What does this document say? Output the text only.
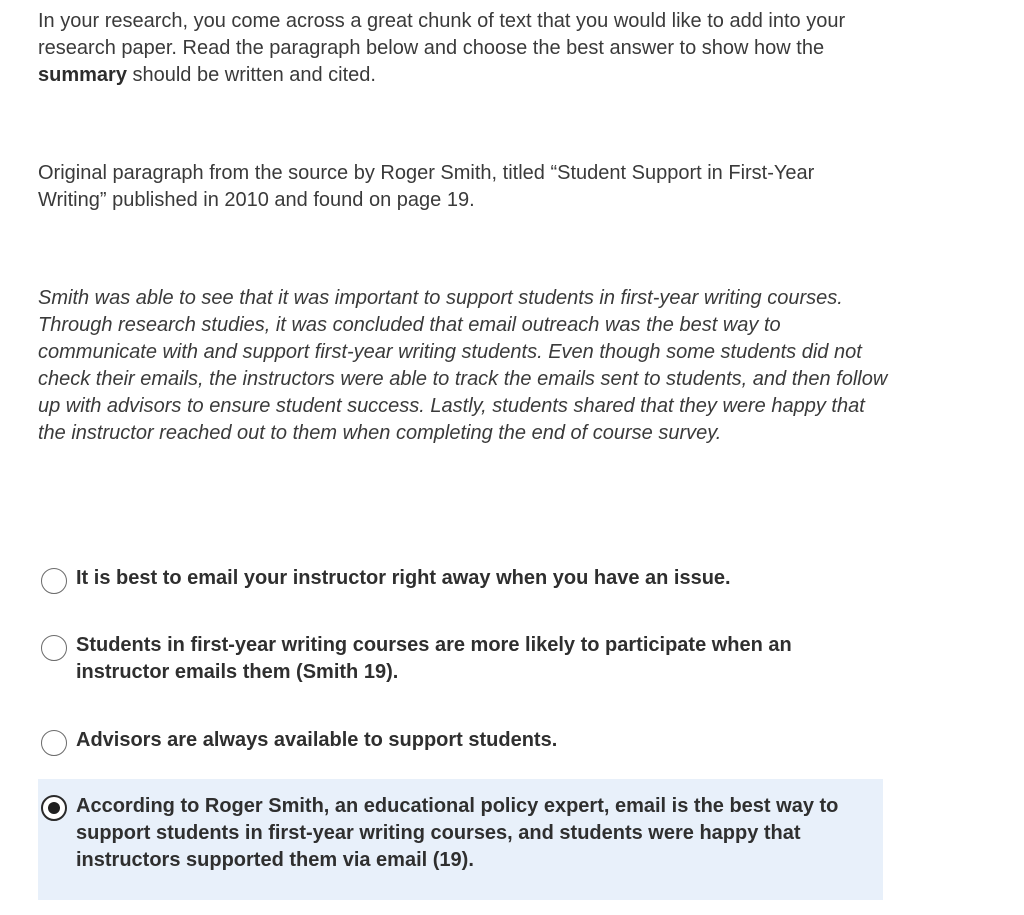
In your research, you come across a great chunk of text that you would like to add into your research paper. Read the paragraph below and choose the best answer to show how the summary should be written and cited.

Original paragraph from the source by Roger Smith, titled “Student Support in First-Year Writing” published in 2010 and found on page 19.

Smith was able to see that it was important to support students in first-year writing courses. Through research studies, it was concluded that email outreach was the best way to communicate with and support first-year writing students. Even though some students did not check their emails, the instructors were able to track the emails sent to students, and then follow up with advisors to ensure student success. Lastly, students shared that they were happy that the instructor reached out to them when completing the end of course survey.

It is best to email your instructor right away when you have an issue.
Students in first-year writing courses are more likely to participate when an instructor emails them (Smith 19).
Advisors are always available to support students.
According to Roger Smith, an educational policy expert, email is the best way to support students in first-year writing courses, and students were happy that instructors supported them via email (19).
